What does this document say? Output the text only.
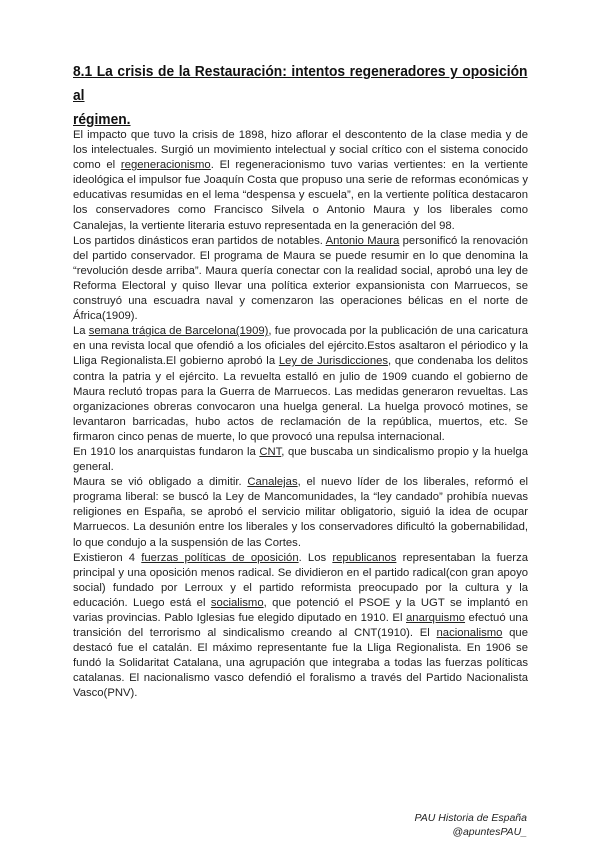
8.1 La crisis de la Restauración: intentos regeneradores y oposición al
régimen.

El impacto que tuvo la crisis de 1898, hizo aflorar el descontento de la clase media y de los intelectuales. Surgió un movimiento intelectual y social crítico con el sistema conocido como el regeneracionismo. El regeneracionismo tuvo varias vertientes: en la vertiente ideológica el impulsor fue Joaquín Costa que propuso una serie de reformas económicas y educativas resumidas en el lema “despensa y escuela”, en la vertiente política destacaron los conservadores como Francisco Silvela o Antonio Maura y los liberales como Canalejas, la vertiente literaria estuvo representada en la generación del 98.

Los partidos dinásticos eran partidos de notables. Antonio Maura personificó la renovación del partido conservador. El programa de Maura se puede resumir en lo que denomina la “revolución desde arriba”. Maura quería conectar con la realidad social, aprobó una ley de Reforma Electoral y quiso llevar una política exterior expansionista con Marruecos, se construyó una escuadra naval y comenzaron las operaciones bélicas en el norte de África(1909).

La semana trágica de Barcelona(1909), fue provocada por la publicación de una caricatura en una revista local que ofendió a los oficiales del ejército.Estos asaltaron el périodico y la Lliga Regionalista.El gobierno aprobó la Ley de Jurisdicciones, que condenaba los delitos contra la patria y el ejército. La revuelta estalló en julio de 1909 cuando el gobierno de Maura reclutó tropas para la Guerra de Marruecos. Las medidas generaron revueltas. Las organizaciones obreras convocaron una huelga general. La huelga provocó motines, se levantaron barricadas, hubo actos de reclamación de la república, muertos, etc. Se firmaron cinco penas de muerte, lo que provocó una repulsa internacional.

En 1910 los anarquistas fundaron la CNT, que buscaba un sindicalismo propio y la huelga general.

Maura se vió obligado a dimitir. Canalejas, el nuevo líder de los liberales, reformó el programa liberal: se buscó la Ley de Mancomunidades, la “ley candado” prohibía nuevas religiones en España, se aprobó el servicio militar obligatorio, siguió la idea de ocupar Marruecos. La desunión entre los liberales y los conservadores dificultó la gobernabilidad, lo que condujo a la suspensión de las Cortes.

Existieron 4 fuerzas políticas de oposición. Los republicanos representaban la fuerza principal y una oposición menos radical. Se dividieron en el partido radical(con gran apoyo social) fundado por Lerroux y el partido reformista preocupado por la cultura y la educación. Luego está el socialismo, que potenció el PSOE y la UGT se implantó en varias provincias. Pablo Iglesias fue elegido diputado en 1910. El anarquismo efectuó una transición del terrorismo al sindicalismo creando al CNT(1910). El nacionalismo que destacó fue el catalán. El máximo representante fue la Lliga Regionalista. En 1906 se fundó la Solidaritat Catalana, una agrupación que integraba a todas las fuerzas políticas catalanas. El nacionalismo vasco defendió el foralismo a través del Partido Nacionalista Vasco(PNV).

PAU Historia de España
@apuntesPAU_
